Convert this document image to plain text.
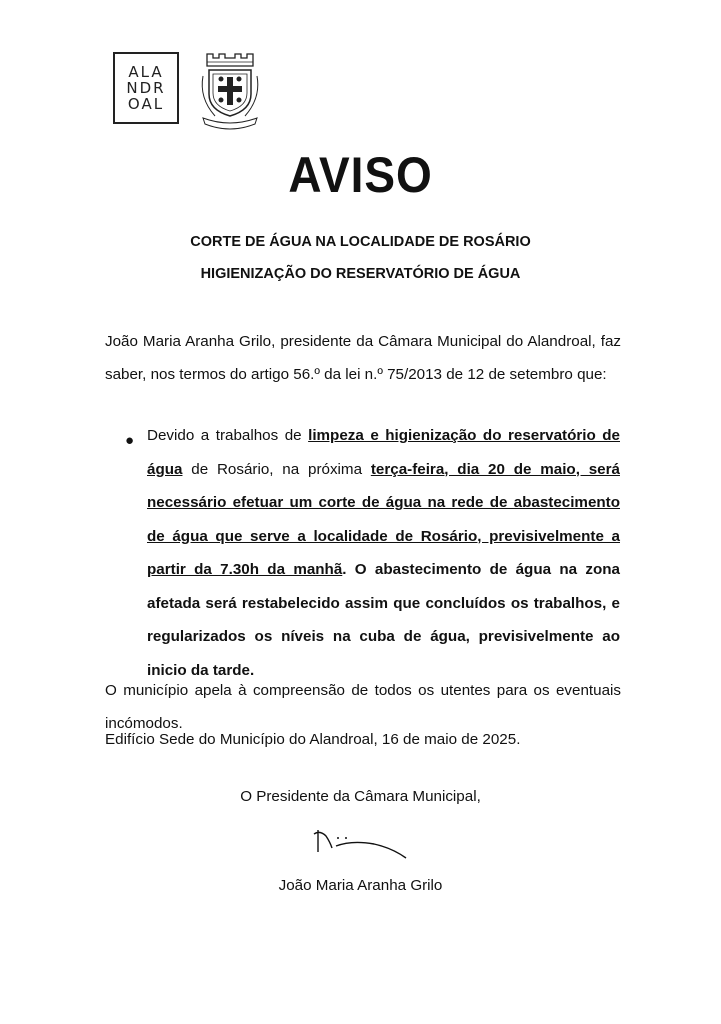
ALA
NDR
OAL
AVISO
CORTE DE ÁGUA NA LOCALIDADE DE ROSÁRIO
HIGIENIZAÇÃO DO RESERVATÓRIO DE ÁGUA
João Maria Aranha Grilo, presidente da Câmara Municipal do Alandroal, faz saber, nos termos do artigo 56.º da lei n.º 75/2013 de 12 de setembro que:
● Devido a trabalhos de limpeza e higienização do reservatório de água de Rosário, na próxima terça-feira, dia 20 de maio, será necessário efetuar um corte de água na rede de abastecimento de água que serve a localidade de Rosário, previsivelmente a partir da 7.30h da manhã. O abastecimento de água na zona afetada será restabelecido assim que concluídos os trabalhos, e regularizados os níveis na cuba de água, previsivelmente ao inicio da tarde.
O município apela à compreensão de todos os utentes para os eventuais incómodos.
Edifício Sede do Município do Alandroal, 16 de maio de 2025.
O Presidente da Câmara Municipal,
João Maria Aranha Grilo
